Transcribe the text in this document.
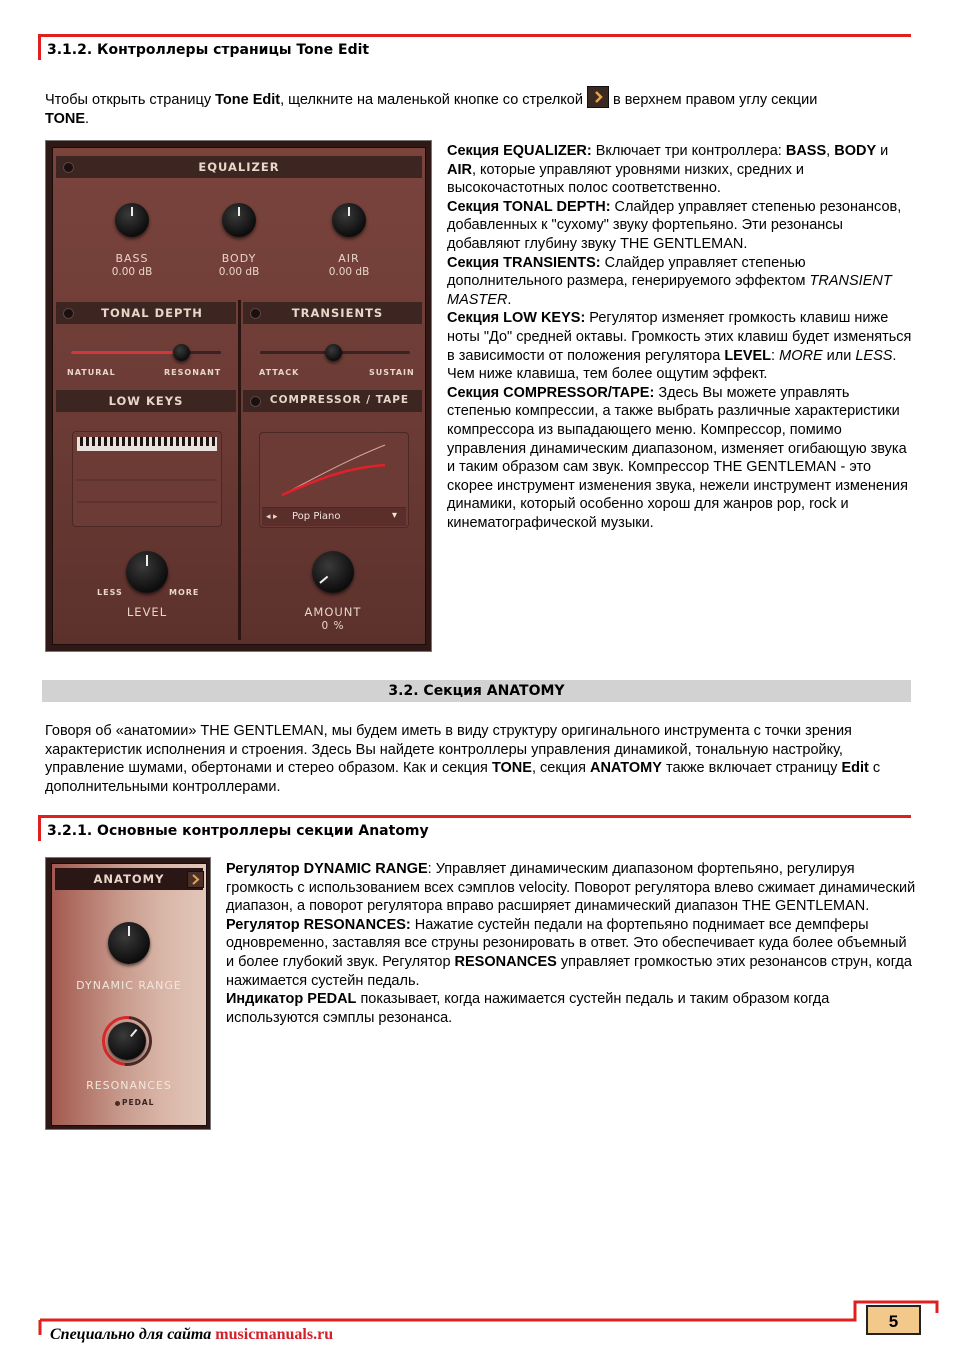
3.1.2. Контроллеры страницы Tone Edit

Чтобы открыть страницу Tone Edit, щелкните на маленькой кнопке со стрелкой
в верхнем правом углу секции
TONE.

EQUALIZER
BASS
0.00 dB
BODY
0.00 dB
AIR
0.00 dB
TONAL DEPTH
NATURAL	RESONANT
TRANSIENTS
ATTACK	SUSTAIN
LOW KEYS
LESS	MORE
LEVEL
COMPRESSOR / TAPE
◂ ▸ Pop Piano	▾
AMOUNT
0 %

Секция EQUALIZER: Включает три контроллера: BASS, BODY и AIR, которые управляют уровнями низких, средних и высокочастотных полос соответственно.
Секция TONAL DEPTH: Слайдер управляет степенью резонансов, добавленных к "сухому" звуку фортепьяно. Эти резонансы добавляют глубину звуку THE GENTLEMAN.
Секция TRANSIENTS: Слайдер управляет степенью дополнительного размера, генерируемого эффектом TRANSIENT MASTER.
Секция LOW KEYS: Регулятор изменяет громкость клавиш ниже ноты "До" средней октавы. Громкость этих клавиш будет изменяться в зависимости от положения регулятора LEVEL: MORE или LESS. Чем ниже клавиша, тем более ощутим эффект.
Секция COMPRESSOR/TAPE: Здесь Вы можете управлять степенью компрессии, а также выбрать различные характеристики компрессора из выпадающего меню. Компрессор, помимо управления динамическим диапазоном, изменяет огибающую звука и таким образом сам звук. Компрессор THE GENTLEMAN - это скорее инструмент изменения звука, нежели инструмент изменения динамики, который особенно хорош для жанров pop, rock и кинематографической музыки.

3.2. Секция ANATOMY

Говоря об «анатомии» THE GENTLEMAN, мы будем иметь в виду структуру оригинального инструмента с точки зрения характеристик исполнения и строения. Здесь Вы найдете контроллеры управления динамикой, тональную настройку, управление шумами, обертонами и стерео образом. Как и секция TONE, секция ANATOMY также включает страницу Edit с дополнительными контроллерами.

3.2.1. Основные контроллеры секции Anatomy
ANATOMY
DYNAMIC RANGE
RESONANCES
PEDAL

Регулятор DYNAMIC RANGE: Управляет динамическим диапазоном фортепьяно, регулируя громкость с использованием всех сэмплов velocity. Поворот регулятора влево сжимает динамический диапазон, а поворот регулятора вправо расширяет динамический диапазон THE GENTLEMAN.
Регулятор RESONANCES: Нажатие сустейн педали на фортепьяно поднимает все демпферы одновременно, заставляя все струны резонировать в ответ. Это обеспечивает куда более объемный и более глубокий звук. Регулятор RESONANCES управляет громкостью этих резонансов струн, когда нажимается сустейн педаль.
Индикатор PEDAL показывает, когда нажимается сустейн педаль и таким образом когда используются сэмплы резонанса.

Специально для сайта musicmanuals.ru
5
